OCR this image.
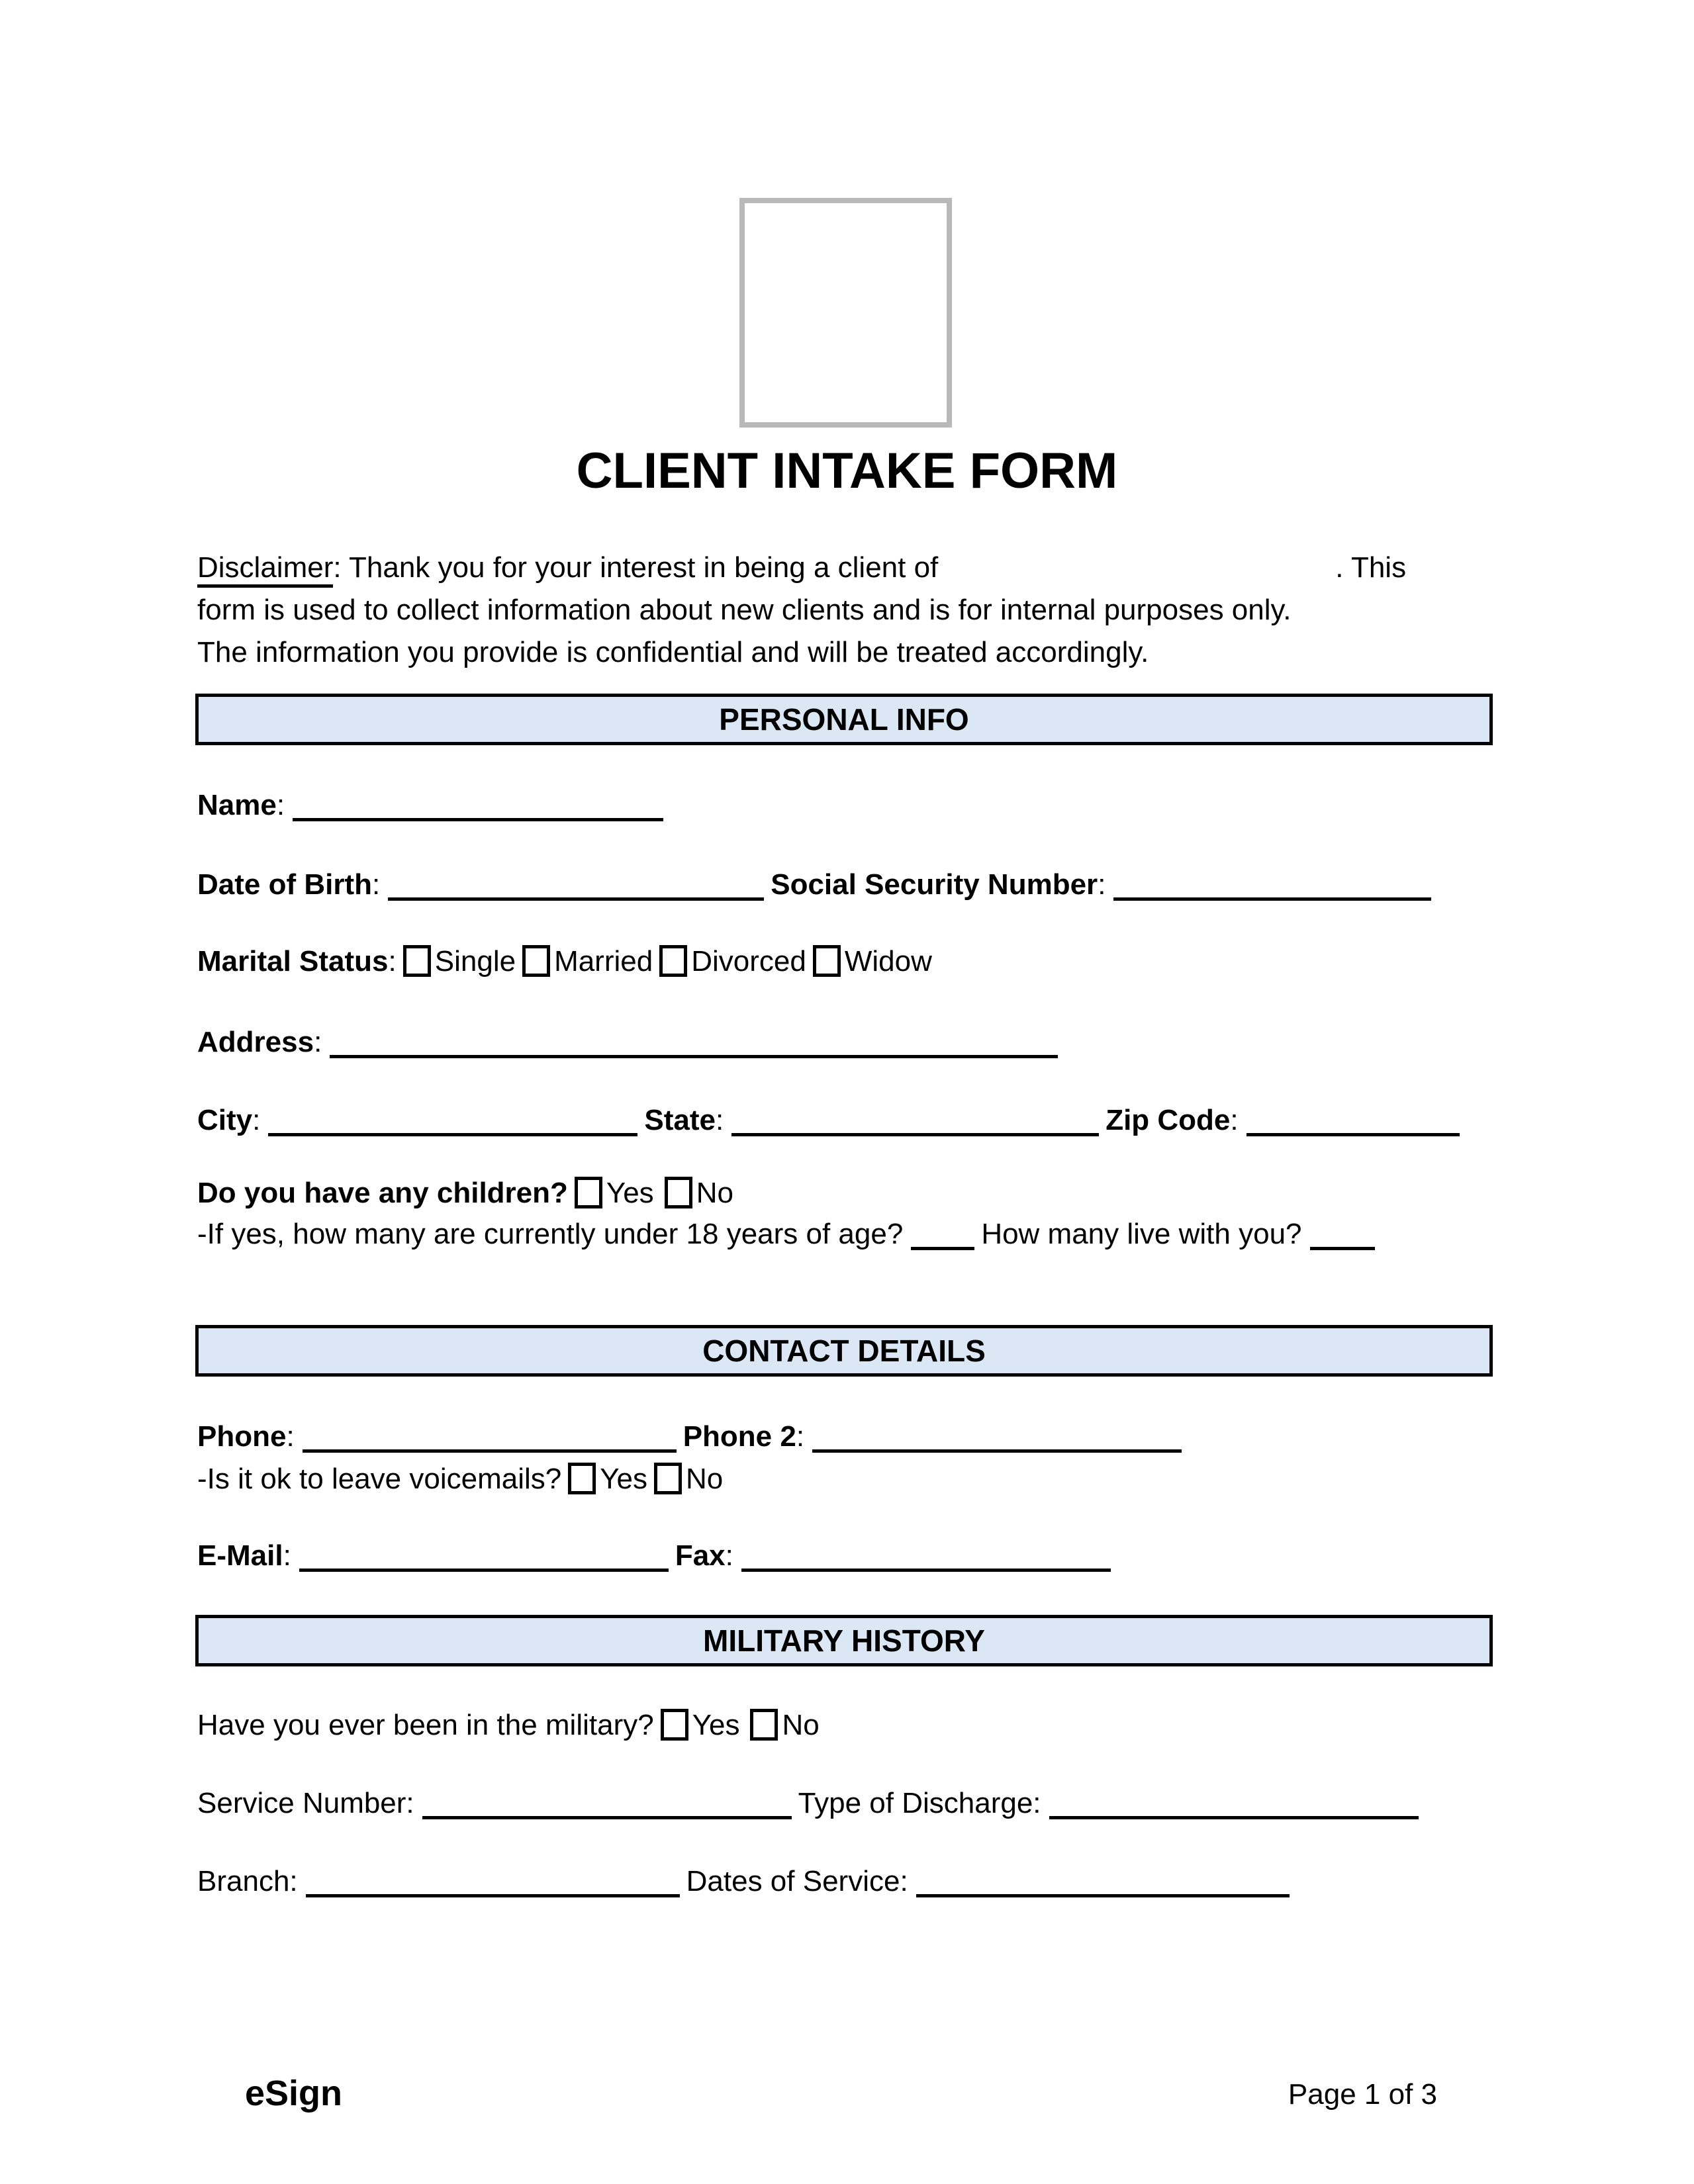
CLIENT INTAKE FORM
Disclaimer: Thank you for your interest in being a client of	. This
form is used to collect information about new clients and is for internal purposes only.
The information you provide is confidential and will be treated accordingly.
PERSONAL INFO
Name:
Date of Birth:	Social Security Number:
Marital Status: Single Married Divorced Widow
Address:
City:	State:	Zip Code:
Do you have any children? Yes No
-If yes, how many are currently under 18 years of age?	How many live with you?
CONTACT DETAILS
Phone:	Phone 2:
-Is it ok to leave voicemails? Yes No
E-Mail:	Fax:
MILITARY HISTORY
Have you ever been in the military? Yes No
Service Number:	Type of Discharge:
Branch:	Dates of Service:
eSign	Page 1 of 3
